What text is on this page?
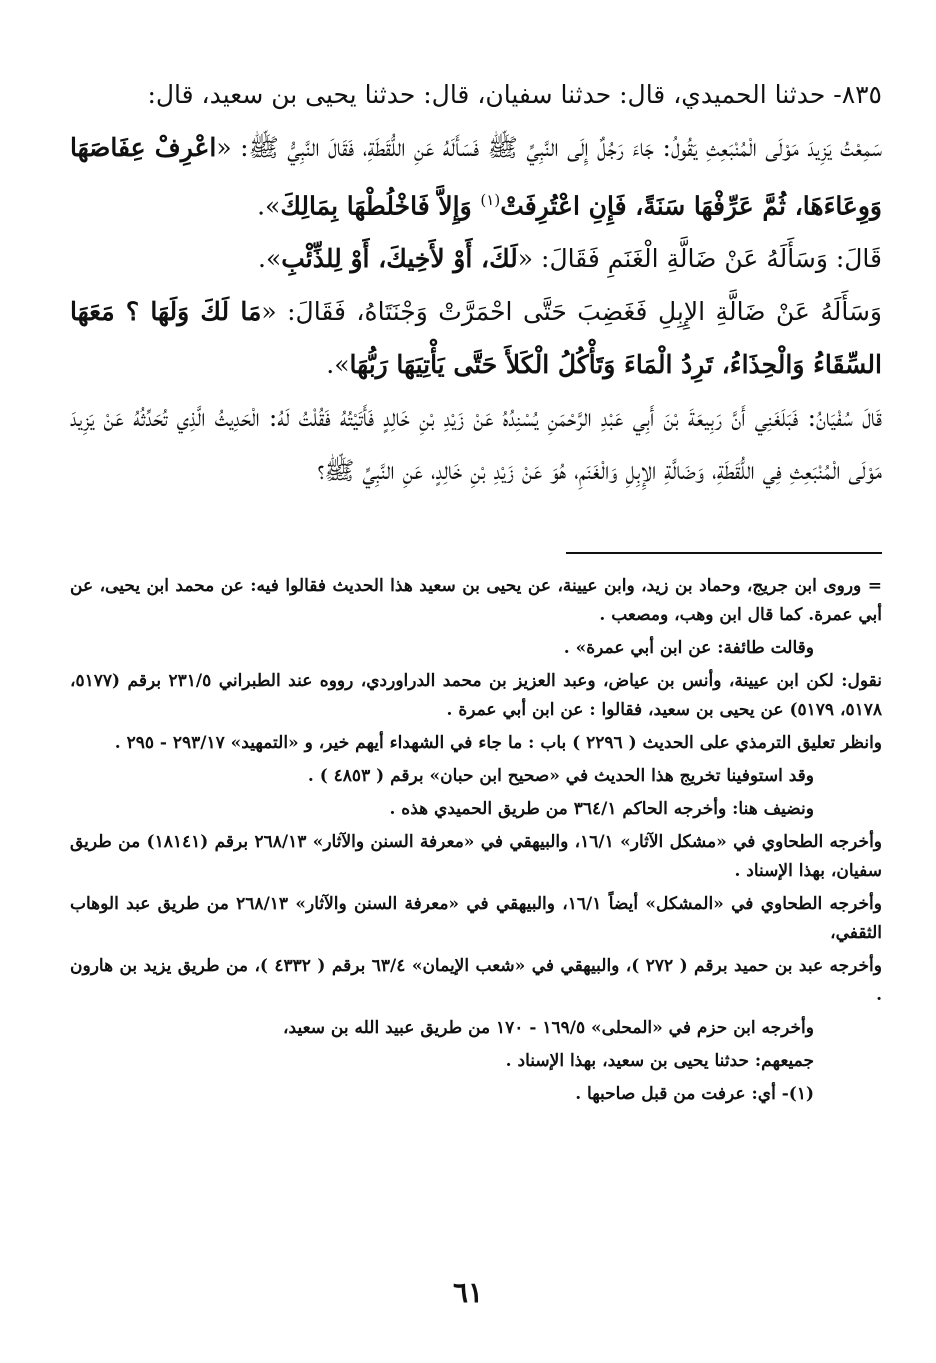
٨٣٥- حدثنا الحميدي، قال: حدثنا سفيان، قال: حدثنا يحيى بن سعيد، قال:

سَمِعْتُ يَزِيدَ مَوْلَى الْمُنْبَعِثِ يَقُولُ: جَاءَ رَجُلٌ إِلَى النَّبِيِّ ﷺ فَسَأَلَهُ عَنِ اللُّقَطَةِ، فَقَالَ النَّبِيُّ ﷺ: «اعْرِفْ عِفَاصَهَا وَوِعَاءَهَا، ثُمَّ عَرِّفْهَا سَنَةً، فَإِنِ اعْتُرِفَتْ$^{(١)}$ وَإِلاَّ فَاخْلُطْهَا بِمَالِكَ».

قَالَ: وَسَأَلَهُ عَنْ ضَالَّةِ الْغَنَمِ فَقَالَ: «لَكَ، أَوْ لأَخِيكَ، أَوْ لِلذِّئْبِ».

وَسَأَلَهُ عَنْ ضَالَّةِ الإِبِلِ فَغَضِبَ حَتَّى احْمَرَّتْ وَجْنَتَاهُ، فَقَالَ: «مَا لَكَ وَلَهَا ؟ مَعَهَا السِّقَاءُ وَالْحِذَاءُ، تَرِدُ الْمَاءَ وَتَأْكُلُ الْكَلأَ حَتَّى يَأْتِيَهَا رَبُّهَا».

قَالَ سُفْيَانُ: فَبَلَغَنِي أَنَّ رَبِيعَةَ بْنَ أَبِي عَبْدِ الرَّحْمَنِ يُسْنِدُهُ عَنْ زَيْدِ بْنِ خَالِدٍ فَأَتَيْتُهُ فَقُلْتُ لَهُ: الْحَدِيثُ الَّذِي تُحَدِّثُهُ عَنْ يَزِيدَ مَوْلَى الْمُنْبَعِثِ فِي اللُّقَطَةِ، وَضَالَّةِ الإِبِلِ وَالْغَنَمِ، هُوَ عَنْ زَيْدِ بْنِ خَالِدٍ، عَنِ النَّبِيِّ ﷺ؟

= وروى ابن جريج، وحماد بن زيد، وابن عيينة، عن يحيى بن سعيد هذا الحديث فقالوا فيه: عن محمد ابن يحيى، عن أبي عمرة. كما قال ابن وهب، ومصعب .

وقالت طائفة: عن ابن أبي عمرة» .

نقول: لكن ابن عيينة، وأنس بن عياض، وعبد العزيز بن محمد الدراوردي، رووه عند الطبراني ٢٣١/٥ برقم (٥١٧٧، ٥١٧٨، ٥١٧٩) عن يحيى بن سعيد، فقالوا : عن ابن أبي عمرة .

وانظر تعليق الترمذي على الحديث ( ٢٢٩٦ ) باب : ما جاء في الشهداء أيهم خير، و «التمهيد» ٢٩٣/١٧ - ٢٩٥ .

وقد استوفينا تخريج هذا الحديث في «صحيح ابن حبان» برقم ( ٤٨٥٣ ) .

ونضيف هنا: وأخرجه الحاكم ٣٦٤/١ من طريق الحميدي هذه .

وأخرجه الطحاوي في «مشكل الآثار» ١٦/١، والبيهقي في «معرفة السنن والآثار» ٢٦٨/١٣ برقم (١٨١٤١) من طريق سفيان، بهذا الإسناد .

وأخرجه الطحاوي في «المشكل» أيضاً ١٦/١، والبيهقي في «معرفة السنن والآثار» ٢٦٨/١٣ من طريق عبد الوهاب الثقفي،

وأخرجه عبد بن حميد برقم ( ٢٧٢ )، والبيهقي في «شعب الإيمان» ٦٣/٤ برقم ( ٤٣٣٢ )، من طريق يزيد بن هارون .

وأخرجه ابن حزم في «المحلى» ١٦٩/٥ - ١٧٠ من طريق عبيد الله بن سعيد،

جميعهم: حدثنا يحيى بن سعيد، بهذا الإسناد .

(١)- أي: عرفت من قبل صاحبها .

٦١
